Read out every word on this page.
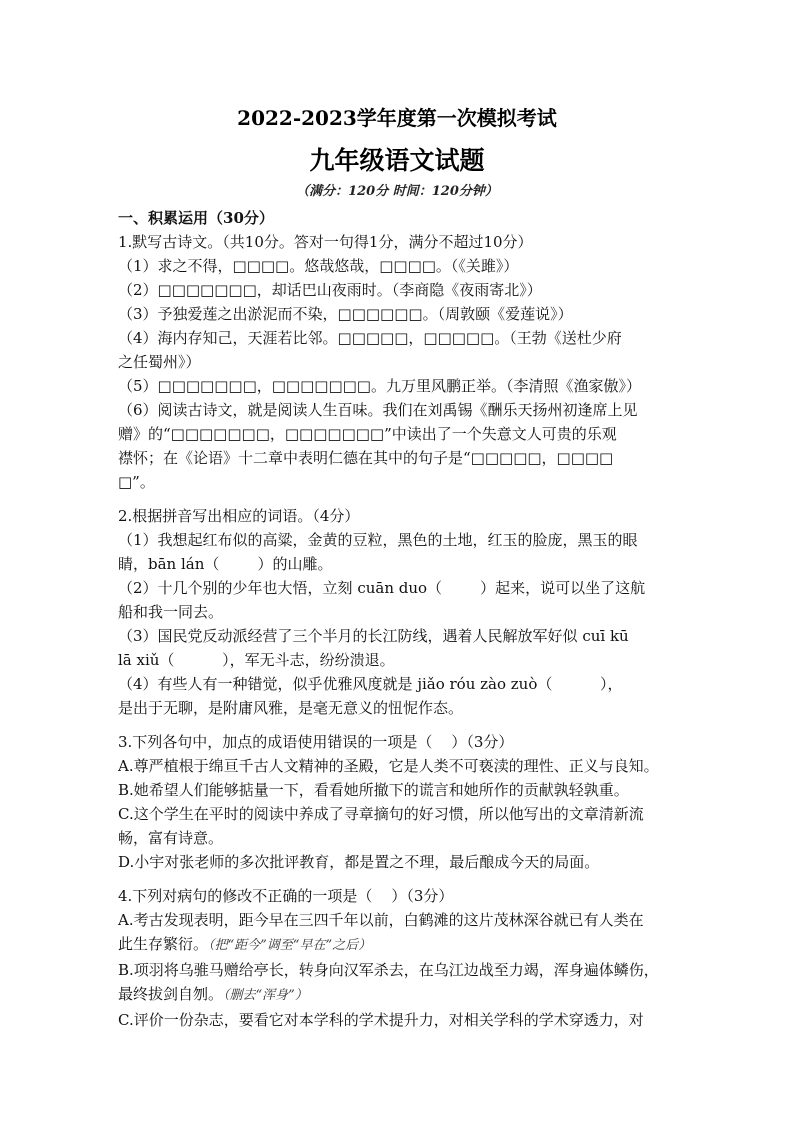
2022-2023学年度第一次模拟考试
九年级语文试题
（满分：120分 时间：120分钟）
一、积累运用（30分）
1.默写古诗文。（共10分。答对一句得1分，满分不超过10分）
（1）求之不得，□□□□。悠哉悠哉，□□□□。（《关雎》）
（2）□□□□□□□，却话巴山夜雨时。（李商隐《夜雨寄北》）
（3）予独爱莲之出淤泥而不染，□□□□□□。（周敦颐《爱莲说》）
（4）海内存知己，天涯若比邻。□□□□□，□□□□□。（王勃《送杜少府
之任蜀州》）
（5）□□□□□□□，□□□□□□□。九万里风鹏正举。（李清照《渔家傲》）
（6）阅读古诗文，就是阅读人生百味。我们在刘禹锡《酬乐天扬州初逢席上见
赠》的“□□□□□□□，□□□□□□□”中读出了一个失意文人可贵的乐观
襟怀；在《论语》十二章中表明仁德在其中的句子是“□□□□□，□□□□
□”。
2.根据拼音写出相应的词语。（4分）
（1）我想起红布似的高粱，金黄的豆粒，黑色的土地，红玉的脸庞，黑玉的眼
睛，bān lán（        ）的山雕。
（2）十几个别的少年也大悟，立刻 cuān duo（        ）起来，说可以坐了这航
船和我一同去。
（3）国民党反动派经营了三个半月的长江防线，遇着人民解放军好似 cuī kū
lā xiǔ（          ），军无斗志，纷纷溃退。
（4）有些人有一种错觉，似乎优雅风度就是 jiǎo róu zào zuò（          ），
是出于无聊，是附庸风雅，是毫无意义的忸怩作态。
3.下列各句中，加点的成语使用错误的一项是（    ）（3分）
A.尊严植根于绵亘千古人文精神的圣殿，它是人类不可亵渎的理性、正义与良知。
B.她希望人们能够掂量一下，看看她所撤下的谎言和她所作的贡献孰轻孰重。
C.这个学生在平时的阅读中养成了寻章摘句的好习惯，所以他写出的文章清新流
畅，富有诗意。
D.小宇对张老师的多次批评教育，都是置之不理，最后酿成今天的局面。
4.下列对病句的修改不正确的一项是（    ）（3分）
A.考古发现表明，距今早在三四千年以前，白鹤滩的这片茂林深谷就已有人类在
此生存繁衍。（把“距今”调至“早在”之后）
B.项羽将乌骓马赠给亭长，转身向汉军杀去，在乌江边战至力竭，浑身遍体鳞伤，
最终拔剑自刎。（删去“浑身”）
C.评价一份杂志，要看它对本学科的学术提升力，对相关学科的学术穿透力，对
